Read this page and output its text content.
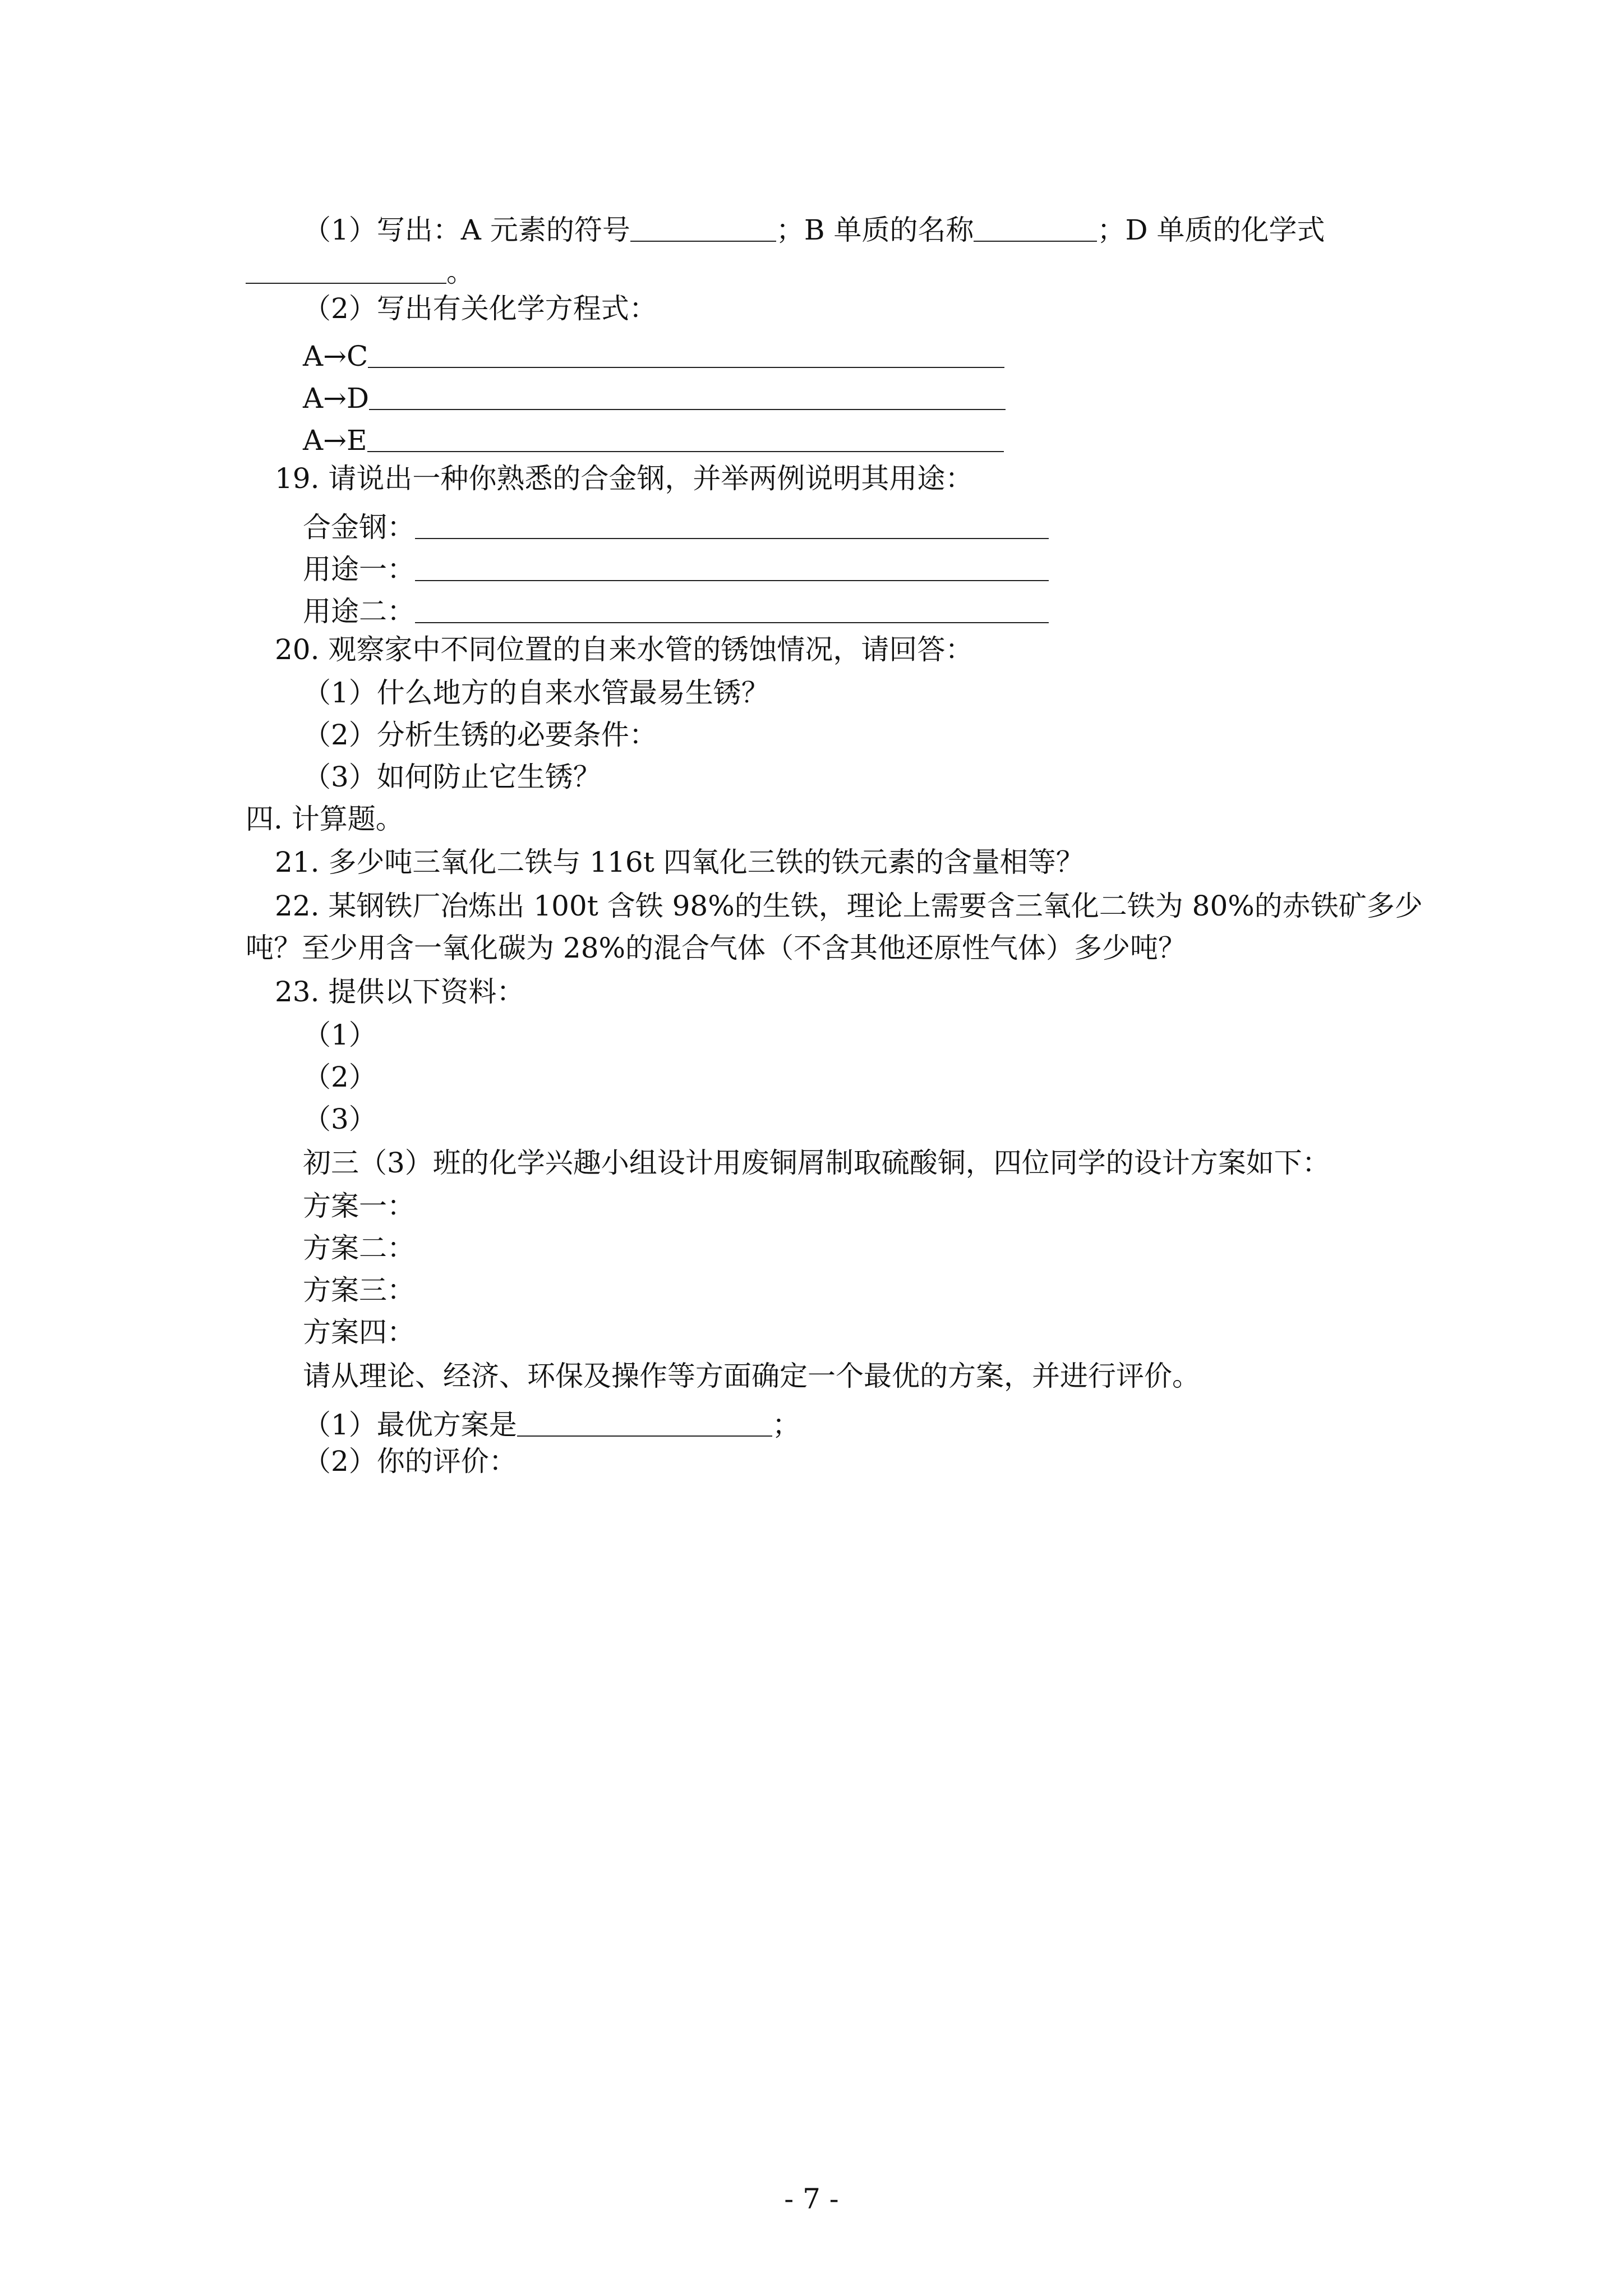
（1）写出：A 元素的符号	；B 单质的名称	；D 单质的化学式
。
（2）写出有关化学方程式：
A→C
A→D
A→E
19. 请说出一种你熟悉的合金钢，并举两例说明其用途：
合金钢：
用途一：
用途二：
20. 观察家中不同位置的自来水管的锈蚀情况，请回答：
（1）什么地方的自来水管最易生锈？
（2）分析生锈的必要条件：
（3）如何防止它生锈？
四. 计算题。
21. 多少吨三氧化二铁与 116t 四氧化三铁的铁元素的含量相等？
22. 某钢铁厂冶炼出 100t 含铁 98%的生铁，理论上需要含三氧化二铁为 80%的赤铁矿多少
吨？至少用含一氧化碳为 28%的混合气体（不含其他还原性气体）多少吨？
23. 提供以下资料：
（1）
（2）
（3）
初三（3）班的化学兴趣小组设计用废铜屑制取硫酸铜，四位同学的设计方案如下：
方案一：
方案二：
方案三：
方案四：
请从理论、经济、环保及操作等方面确定一个最优的方案，并进行评价。
（1）最优方案是	；
（2）你的评价：
- 7 -
